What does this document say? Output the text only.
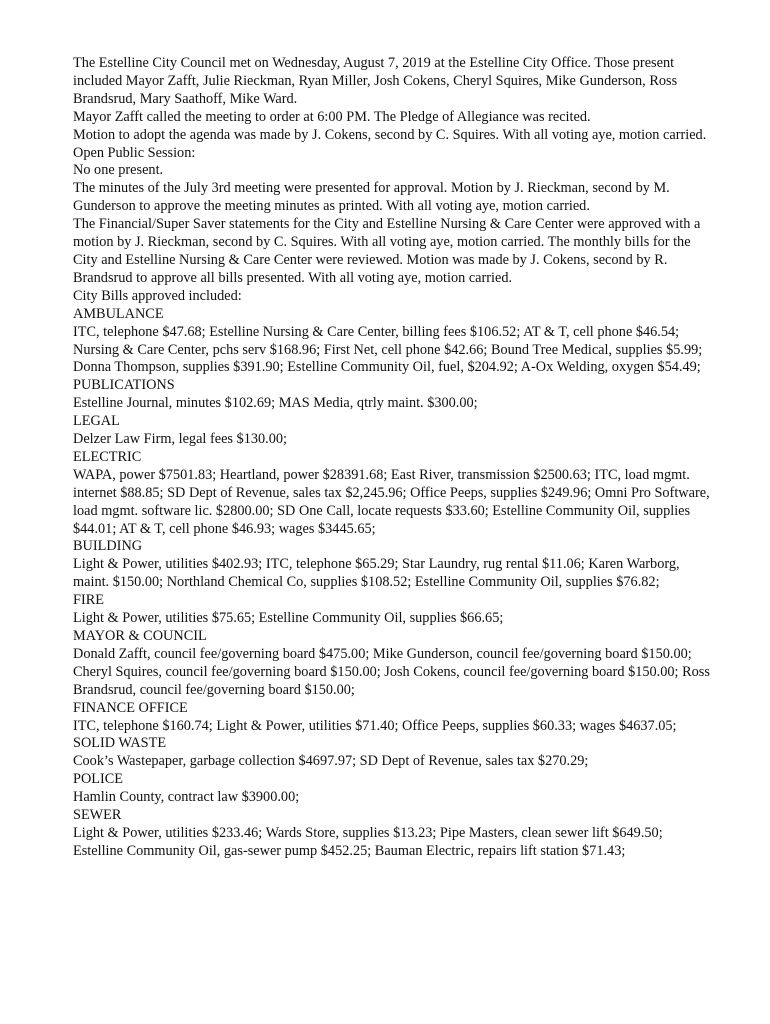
The Estelline City Council met on Wednesday, August 7, 2019 at the Estelline City Office. Those present included Mayor Zafft, Julie Rieckman, Ryan Miller, Josh Cokens, Cheryl Squires, Mike Gunderson, Ross Brandsrud, Mary Saathoff, Mike Ward.

Mayor Zafft called the meeting to order at 6:00 PM. The Pledge of Allegiance was recited.

Motion to adopt the agenda was made by J. Cokens, second by C. Squires. With all voting aye, motion carried.

Open Public Session:

No one present.

The minutes of the July 3rd meeting were presented for approval. Motion by J. Rieckman, second by M. Gunderson to approve the meeting minutes as printed. With all voting aye, motion carried.

The Financial/Super Saver statements for the City and Estelline Nursing & Care Center were approved with a motion by J. Rieckman, second by C. Squires. With all voting aye, motion carried. The monthly bills for the City and Estelline Nursing & Care Center were reviewed. Motion was made by J. Cokens, second by R. Brandsrud to approve all bills presented. With all voting aye, motion carried.

City Bills approved included:

AMBULANCE

ITC, telephone $47.68; Estelline Nursing & Care Center, billing fees $106.52; AT & T, cell phone $46.54; Nursing & Care Center, pchs serv $168.96; First Net, cell phone $42.66; Bound Tree Medical, supplies $5.99; Donna Thompson, supplies $391.90; Estelline Community Oil, fuel, $204.92; A-Ox Welding, oxygen $54.49;

PUBLICATIONS

Estelline Journal, minutes $102.69; MAS Media, qtrly maint. $300.00;

LEGAL

Delzer Law Firm, legal fees $130.00;

ELECTRIC

WAPA, power $7501.83; Heartland, power $28391.68; East River, transmission $2500.63; ITC, load mgmt. internet $88.85; SD Dept of Revenue, sales tax $2,245.96; Office Peeps, supplies $249.96; Omni Pro Software, load mgmt. software lic. $2800.00; SD One Call, locate requests $33.60; Estelline Community Oil, supplies $44.01; AT & T, cell phone $46.93; wages $3445.65;

BUILDING

Light & Power, utilities $402.93; ITC, telephone $65.29; Star Laundry, rug rental $11.06; Karen Warborg, maint. $150.00; Northland Chemical Co, supplies $108.52; Estelline Community Oil, supplies $76.82;

FIRE

Light & Power, utilities $75.65; Estelline Community Oil, supplies $66.65;

MAYOR & COUNCIL

Donald Zafft, council fee/governing board $475.00; Mike Gunderson, council fee/governing board $150.00; Cheryl Squires, council fee/governing board $150.00; Josh Cokens, council fee/governing board $150.00; Ross Brandsrud, council fee/governing board $150.00;

FINANCE OFFICE

ITC, telephone $160.74; Light & Power, utilities $71.40; Office Peeps, supplies $60.33; wages $4637.05;

SOLID WASTE

Cook’s Wastepaper, garbage collection $4697.97; SD Dept of Revenue, sales tax $270.29;

POLICE

Hamlin County, contract law $3900.00;

SEWER

Light & Power, utilities $233.46; Wards Store, supplies $13.23; Pipe Masters, clean sewer lift $649.50; Estelline Community Oil, gas-sewer pump $452.25; Bauman Electric, repairs lift station $71.43;
